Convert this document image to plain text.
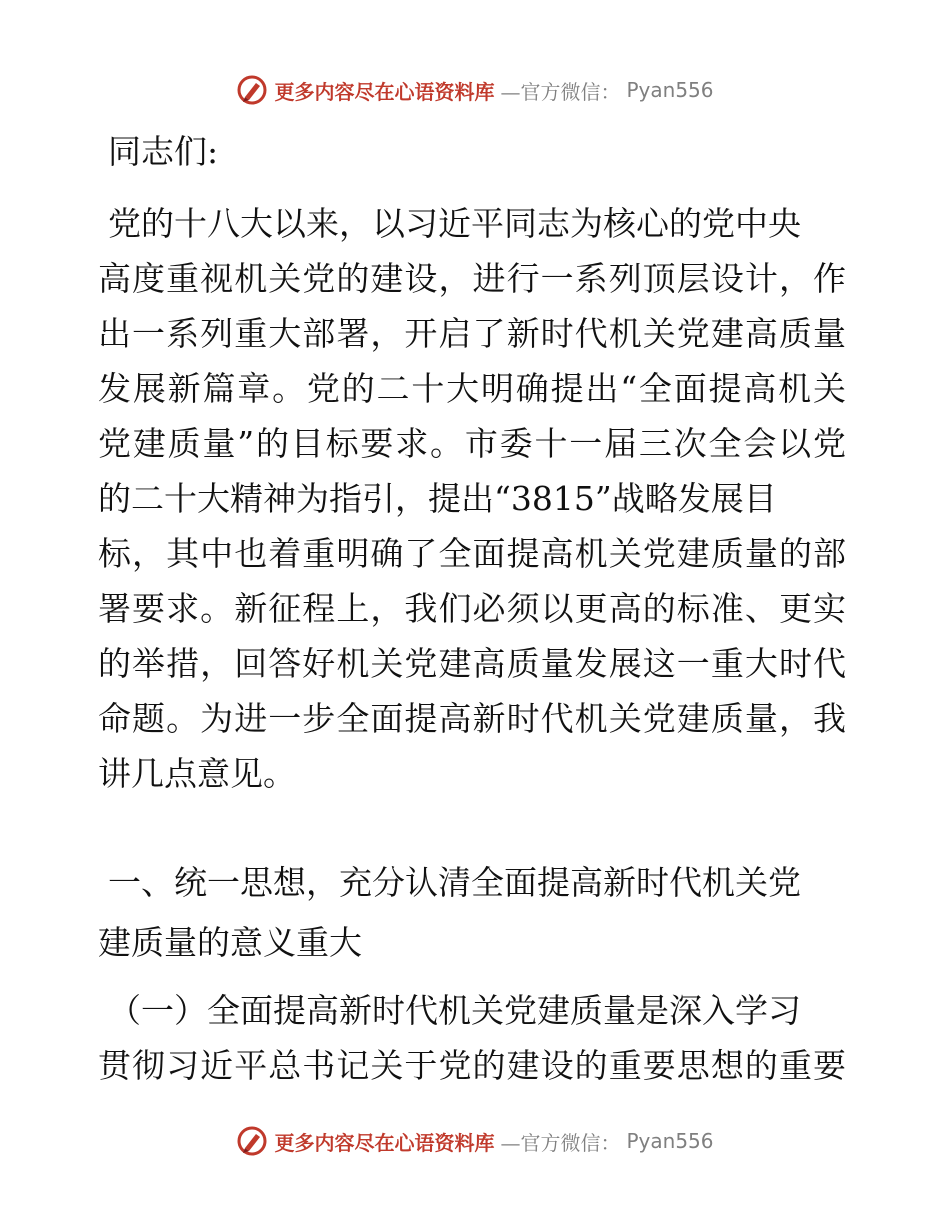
更多内容尽在心语资料库 —官方微信： Pyan556

同志们:

党的十八大以来，以习近平同志为核心的党中央
高度重视机关党的建设，进行一系列顶层设计，作
出一系列重大部署，开启了新时代机关党建高质量
发展新篇章。党的二十大明确提出“全面提高机关
党建质量”的目标要求。市委十一届三次全会以党
的二十大精神为指引，提出“3815”战略发展目
标，其中也着重明确了全面提高机关党建质量的部
署要求。新征程上，我们必须以更高的标准、更实
的举措，回答好机关党建高质量发展这一重大时代
命题。为进一步全面提高新时代机关党建质量，我
讲几点意见。
一、统一思想，充分认清全面提高新时代机关党
建质量的意义重大
（一）全面提高新时代机关党建质量是深入学习
贯彻习近平总书记关于党的建设的重要思想的重要
更多内容尽在心语资料库 —官方微信： Pyan556
